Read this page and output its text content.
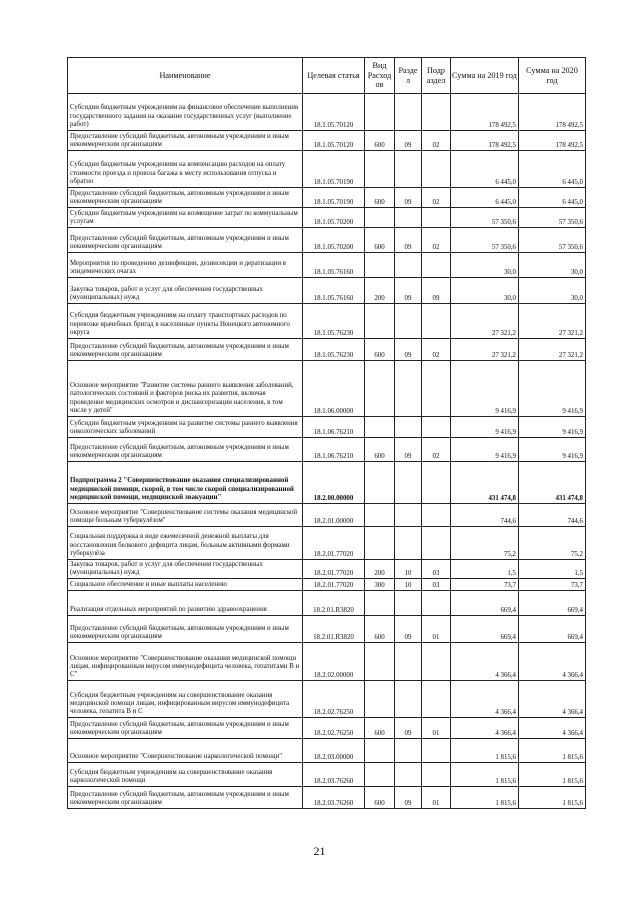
Наименование	Целевая статья	Вид Расход ов	Разде л	Подр аздел	Сумма на 2019 год	Сумма на 2020 год
Субсидии бюджетным учреждениям на финансовое обеспечение выполнения государственного задания на оказание государственных услуг (выполнение работ)	18.1.05.70120				178 492,5	178 492,5
Предоставление субсидий бюджетным, автономным учреждениям и иным некоммерческим организациям	18.1.05.70120	600	09	02	178 492,5	178 492,5
Субсидии бюджетным учреждениям на компенсацию расходов на оплату стоимости проезда и провоза багажа к месту использования отпуска и обратно	18.1.05.70190				6 445,0	6 445,0
Предоставление субсидий бюджетным, автономным учреждениям и иным некоммерческим организациям	18.1.05.70190	600	09	02	6 445,0	6 445,0
Субсидии бюджетным учреждениям на возмещение затрат по коммунальным услугам	18.1.05.70200				57 350,6	57 350,6
Предоставление субсидий бюджетным, автономным учреждениям и иным некоммерческим организациям	18.1.05.70200	600	09	02	57 350,6	57 350,6
Мероприятия по проведению дезинфекции, дезинсекции и дератизации в эпидемических очагах	18.1.05.76160				30,0	30,0
Закупка товаров, работ и услуг для обеспечения государственных (муниципальных) нужд	18.1.05.76160	200	09	09	30,0	30,0
Субсидия бюджетным учреждениям на оплату транспортных расходов по перевозке врачебных бригад в населенные пункты Ненецкого автономного округа	18.1.05.76230				27 321,2	27 321,2
Предоставление субсидий бюджетным, автономным учреждениям и иным некоммерческим организациям	18.1.05.76230	600	09	02	27 321,2	27 321,2
Основное мероприятие "Развитие системы раннего выявления заболеваний, патологических состояний и факторов риска их развития, включая проведение медицинских осмотров и диспансеризации населения, в том числе у детей"	18.1.06.00000				9 416,9	9 416,9
Субсидии бюджетным учреждениям на развитие системы раннего выявления онкологических заболеваний	18.1.06.76210				9 416,9	9 416,9
Предоставление субсидий бюджетным, автономным учреждениям и иным некоммерческим организациям	18.1.06.76210	600	09	02	9 416,9	9 416,9
Подпрограмма 2 "Совершенствование оказания специализированной медицинской помощи, скорой, в том числе скорой специализированной медицинской помощи, медицинской эвакуации"	18.2.00.00000				431 474,8	431 474,8
Основное мероприятие "Совершенствование системы оказания медицинской помощи больным туберкулёзом"	18.2.01.00000				744,6	744,6
Социальная поддержка в виде ежемесячной денежной выплаты для восстановления белкового дефицита лицам, больным активными формами туберкулёза	18.2.01.77020				75,2	75,2
Закупка товаров, работ и услуг для обеспечения государственных (муниципальных) нужд	18.2.01.77020	200	10	03	1,5	1,5
Социальное обеспечение и иные выплаты населению	18.2.01.77020	300	10	03	73,7	73,7
Реализация отдельных мероприятий по развитию здравоохранения	18.2.01.R3820				669,4	669,4
Предоставление субсидий бюджетным, автономным учреждениям и иным некоммерческим организациям	18.2.01.R3820	600	09	01	669,4	669,4
Основное мероприятие "Совершенствование оказания медицинской помощи лицам, инфицированным вирусом иммунодефицита человека, гепатитами В и С"	18.2.02.00000				4 366,4	4 366,4
Субсидия бюджетным учреждениям на совершенствование оказания медицинской помощи лицам, инфицированным вирусом иммунодефицита человека, гепатита В и С	18.2.02.76250				4 366,4	4 366,4
Предоставление субсидий бюджетным, автономным учреждениям и иным некоммерческим организациям	18.2.02.76250	600	09	01	4 366,4	4 366,4
Основное мероприятие "Совершенствование наркологической помощи"	18.2.03.00000				1 815,6	1 815,6
Субсидия бюджетным учреждениям на совершенствование оказания наркологической помощи	18.2.03.76260				1 815,6	1 815,6
Предоставление субсидий бюджетным, автономным учреждениям и иным некоммерческим организациям	18.2.03.76260	600	09	01	1 815,6	1 815,6
21
